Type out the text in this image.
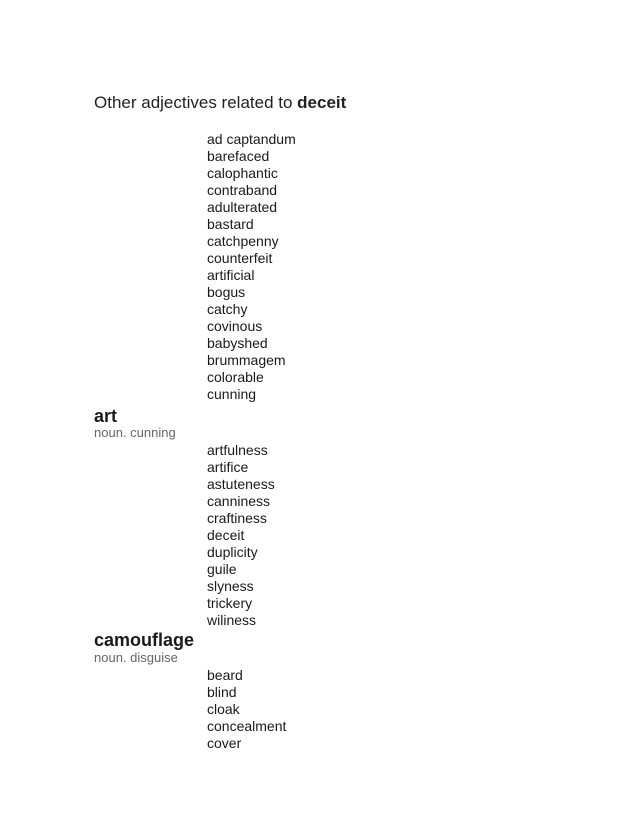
Other adjectives related to deceit
ad captandum
barefaced
calophantic
contraband
adulterated
bastard
catchpenny
counterfeit
artificial
bogus
catchy
covinous
babyshed
brummagem
colorable
cunning
art
noun. cunning
artfulness
artifice
astuteness
canniness
craftiness
deceit
duplicity
guile
slyness
trickery
wiliness
camouflage
noun. disguise
beard
blind
cloak
concealment
cover
